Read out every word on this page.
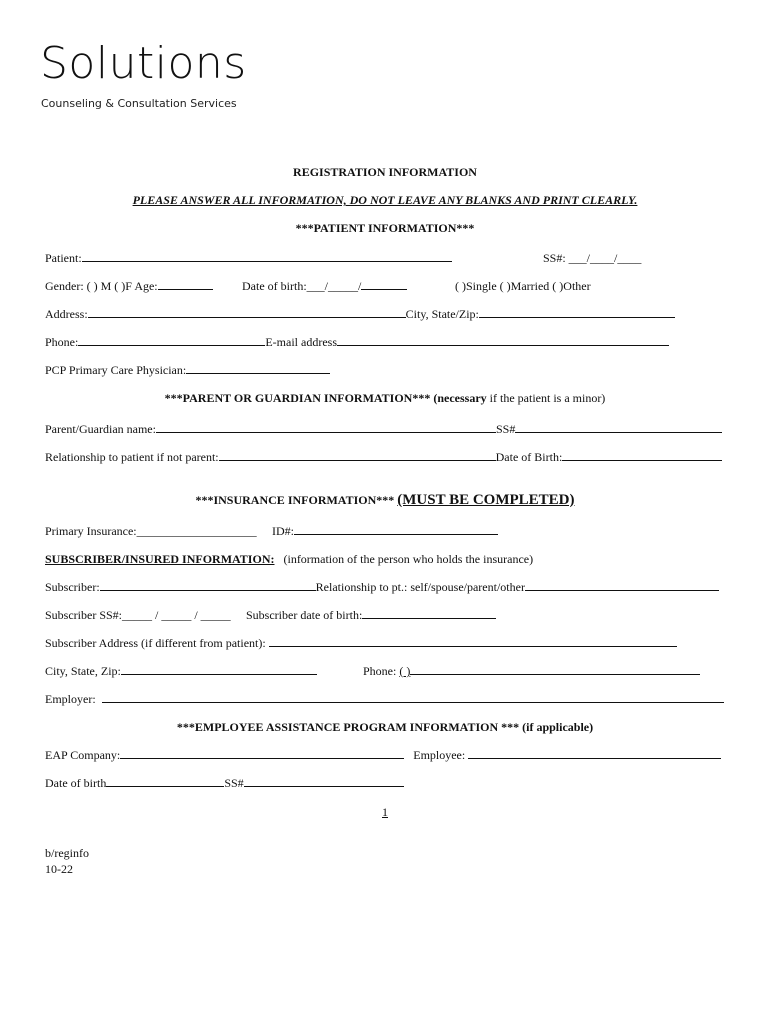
Solutions
Counseling & Consultation Services
REGISTRATION INFORMATION
PLEASE ANSWER ALL INFORMATION, DO NOT LEAVE ANY BLANKS AND PRINT CLEARLY.
***PATIENT INFORMATION***
Patient:	SS#: ___/____/____
Gender: ( ) M ( )F Age:	Date of birth:___/_____/	( )Single ( )Married ( )Other
Address:	City, State/Zip:
Phone:	E-mail address
PCP Primary Care Physician:
***PARENT OR GUARDIAN INFORMATION*** (necessary if the patient is a minor)
Parent/Guardian name:	SS#
Relationship to patient if not parent:	Date of Birth:
***INSURANCE INFORMATION*** (MUST BE COMPLETED)
Primary Insurance:____________________ ID#:
SUBSCRIBER/INSURED INFORMATION: (information of the person who holds the insurance)
Subscriber:	Relationship to pt.: self/spouse/parent/other
Subscriber SS#:_____ / _____ / _____ Subscriber date of birth:
Subscriber Address (if different from patient):
City, State, Zip:	Phone: ( )
Employer:
***EMPLOYEE ASSISTANCE PROGRAM INFORMATION *** (if applicable)
EAP Company:	Employee:
Date of birth	SS#
1
b/reginfo
10-22
